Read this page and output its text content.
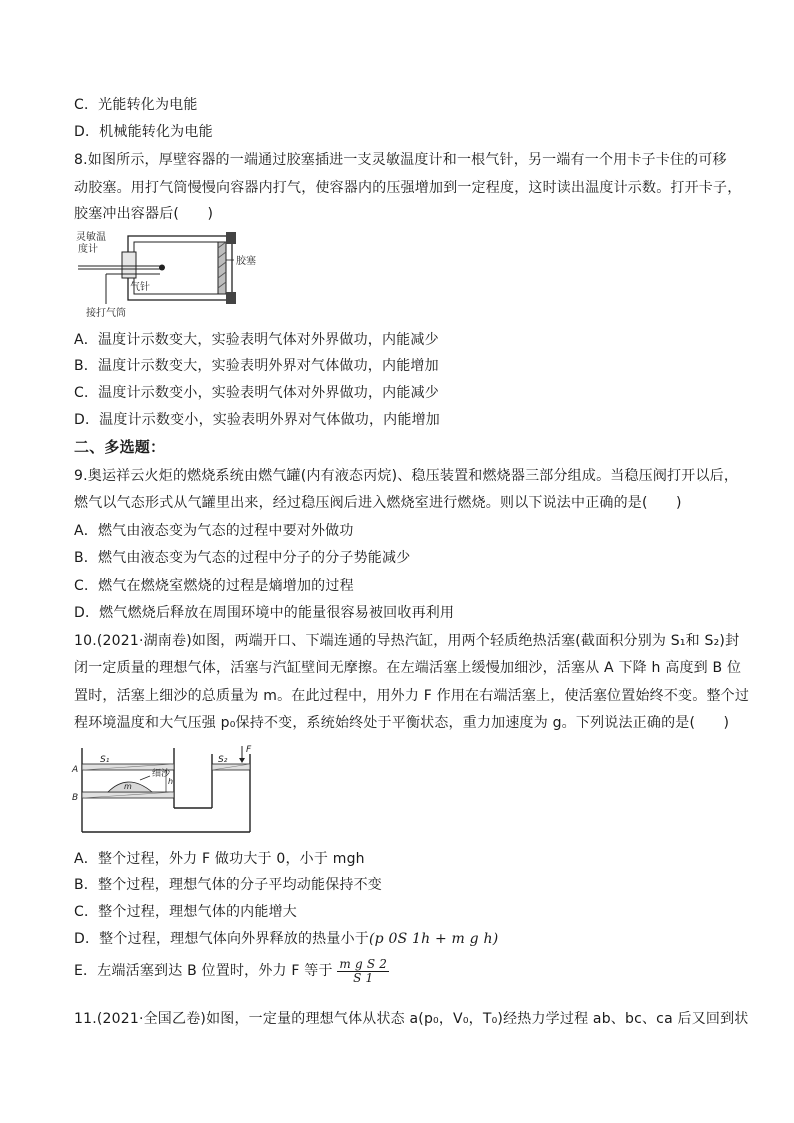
C．光能转化为电能
D．机械能转化为电能
8.如图所示，厚壁容器的一端通过胶塞插进一支灵敏温度计和一根气针，另一端有一个用卡子卡住的可移
动胶塞。用打气筒慢慢向容器内打气，使容器内的压强增加到一定程度，这时读出温度计示数。打开卡子，
胶塞冲出容器后(　　)
灵敏温
度计
气针
接打气筒
胶塞
A．温度计示数变大，实验表明气体对外界做功，内能减少
B．温度计示数变大，实验表明外界对气体做功，内能增加
C．温度计示数变小，实验表明气体对外界做功，内能减少
D．温度计示数变小，实验表明外界对气体做功，内能增加
二、多选题：
9.奥运祥云火炬的燃烧系统由燃气罐(内有液态丙烷)、稳压装置和燃烧器三部分组成。当稳压阀打开以后，
燃气以气态形式从气罐里出来，经过稳压阀后进入燃烧室进行燃烧。则以下说法中正确的是(　　)
A．燃气由液态变为气态的过程中要对外做功
B．燃气由液态变为气态的过程中分子的分子势能减少
C．燃气在燃烧室燃烧的过程是熵增加的过程
D．燃气燃烧后释放在周围环境中的能量很容易被回收再利用
10.(2021·湖南卷)如图，两端开口、下端连通的导热汽缸，用两个轻质绝热活塞(截面积分别为 S₁和 S₂)封
闭一定质量的理想气体，活塞与汽缸壁间无摩擦。在左端活塞上缓慢加细沙，活塞从 A 下降 h 高度到 B 位
置时，活塞上细沙的总质量为 m。在此过程中，用外力 F 作用在右端活塞上，使活塞位置始终不变。整个过
程环境温度和大气压强 p₀保持不变，系统始终处于平衡状态，重力加速度为 g。下列说法正确的是(　　)
A
B
S₁	S₂
F
细沙
m
h
A．整个过程，外力 F 做功大于 0，小于 mgh
B．整个过程，理想气体的分子平均动能保持不变
C．整个过程，理想气体的内能增大
D．整个过程，理想气体向外界释放的热量小于(p 0S 1h + m g h)
E．左端活塞到达 B 位置时，外力 F 等于 $\frac{\text{m g S 2}}{S 1}$
11.(2021·全国乙卷)如图，一定量的理想气体从状态 a(p₀，V₀，T₀)经热力学过程 ab、bc、ca 后又回到状
